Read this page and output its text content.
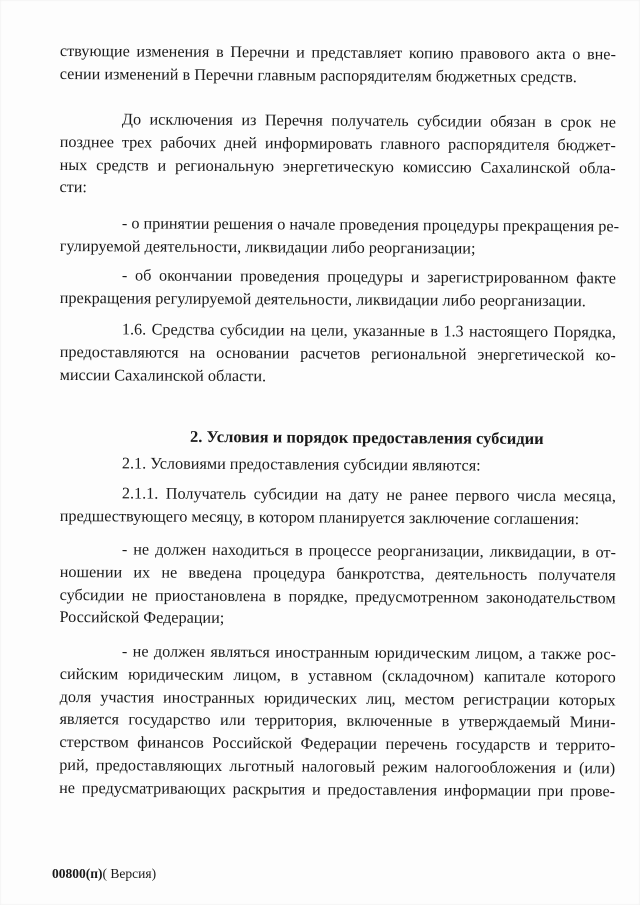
ствующие изменения в Перечни и представляет копию правового акта о вне-
сении изменений в Перечни главным распорядителям бюджетных средств.
До исключения из Перечня получатель субсидии обязан в срок не
позднее трех рабочих дней информировать главного распорядителя бюджет-
ных средств и региональную энергетическую комиссию Сахалинской обла-
сти:
- о принятии решения о начале проведения процедуры прекращения ре-
гулируемой деятельности, ликвидации либо реорганизации;
- об окончании проведения процедуры и зарегистрированном факте
прекращения регулируемой деятельности, ликвидации либо реорганизации.
1.6. Средства субсидии на цели, указанные в 1.3 настоящего Порядка,
предоставляются на основании расчетов региональной энергетической ко-
миссии Сахалинской области.
2. Условия и порядок предоставления субсидии
2.1. Условиями предоставления субсидии являются:
2.1.1. Получатель субсидии на дату не ранее первого числа месяца,
предшествующего месяцу, в котором планируется заключение соглашения:
- не должен находиться в процессе реорганизации, ликвидации, в от-
ношении их не введена процедура банкротства, деятельность получателя
субсидии не приостановлена в порядке, предусмотренном законодательством
Российской Федерации;
- не должен являться иностранным юридическим лицом, а также рос-
сийским юридическим лицом, в уставном (складочном) капитале которого
доля участия иностранных юридических лиц, местом регистрации которых
является государство или территория, включенные в утверждаемый Мини-
стерством финансов Российской Федерации перечень государств и террито-
рий, предоставляющих льготный налоговый режим налогообложения и (или)
не предусматривающих раскрытия и предоставления информации при прове-
00800(п)( Версия)
